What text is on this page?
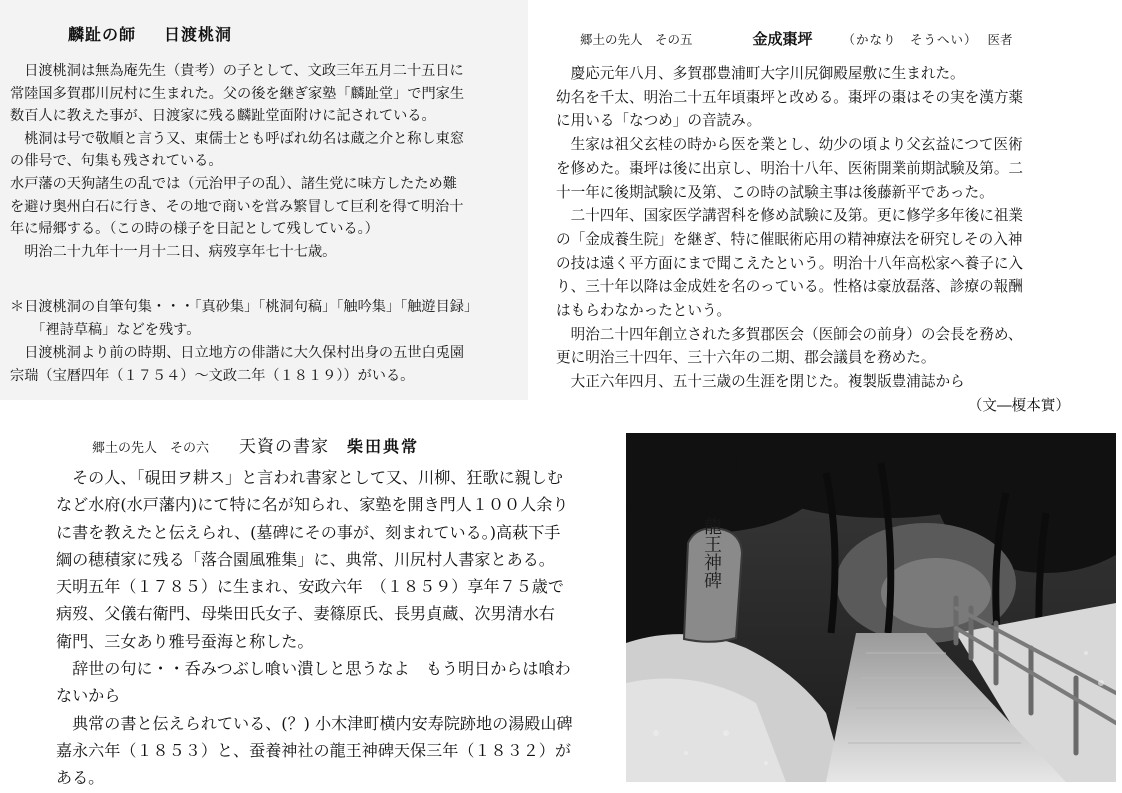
麟趾の師 日渡桃洞

　日渡桃洞は無為庵先生（貴考）の子として、文政三年五月二十五日に

常陸国多賀郡川尻村に生まれた。父の後を継ぎ家塾「麟趾堂」で門家生

数百人に教えた事が、日渡家に残る麟趾堂面附けに記されている。

　桃洞は号で敬順と言う又、東儒士とも呼ばれ幼名は蔵之介と称し東窓

の俳号で、句集も残されている。

水戸藩の天狗諸生の乱では（元治甲子の乱）、諸生党に味方したため難

を避け奥州白石に行き、その地で商いを営み繁冒して巨利を得て明治十

年に帰郷する。（この時の様子を日記として残している。）

　明治二十九年十一月十二日、病歿享年七十七歳。

＊日渡桃洞の自筆句集・・・「真砂集」「桃洞句稿」「触吟集」「触遊目録」

　　「裡詩草稿」などを残す。

　日渡桃洞より前の時期、日立地方の俳諧に大久保村出身の五世白兎園

宗瑞（宝暦四年（１７５４）～文政二年（１８１９））がいる。

郷土の先人　その五	金成棗坪 （かなり　そうへい） 医者

　慶応元年八月、多賀郡豊浦町大字川尻御殿屋敷に生まれた。

幼名を千太、明治二十五年頃棗坪と改める。棗坪の棗はその実を漢方薬

に用いる「なつめ」の音読み。

　生家は祖父玄桂の時から医を業とし、幼少の頃より父玄益につて医術

を修めた。棗坪は後に出京し、明治十八年、医術開業前期試験及第。二

十一年に後期試験に及第、この時の試験主事は後藤新平であった。

　二十四年、国家医学講習科を修め試験に及第。更に修学多年後に祖業

の「金成養生院」を継ぎ、特に催眠術応用の精神療法を研究しその入神

の技は遠く平方面にまで聞こえたという。明治十八年高松家へ養子に入

り、三十年以降は金成姓を名のっている。性格は豪放磊落、診療の報酬

はもらわなかったという。

　明治二十四年創立された多賀郡医会（医師会の前身）の会長を務め、

更に明治三十四年、三十六年の二期、郡会議員を務めた。

　大正六年四月、五十三歳の生涯を閉じた。複製版豊浦誌から

（文―榎本實）

郷土の先人　その六 天資の書家 柴田典常

　その人、「硯田ヲ耕ス」と言われ書家として又、川柳、狂歌に親しむ

など水府(水戸藩内)にて特に名が知られ、家塾を開き門人１００人余り

に書を教えたと伝えられ、(墓碑にその事が、刻まれている。)高萩下手

綱の穂積家に残る「落合園風雅集」に、典常、川尻村人書家とある。

天明五年（１７８５）に生まれ、安政六年　（１８５９）享年７５歳で

病歿、父儀右衛門、母柴田氏女子、妻篠原氏、長男貞蔵、次男清水右

衛門、三女あり雅号蚕海と称した。

　辞世の句に・・呑みつぶし喰い潰しと思うなよ　もう明日からは喰わ

ないから

　典常の書と伝えられている、(？) 小木津町横内安寿院跡地の湯殿山碑

嘉永六年（１８５３）と、蚕養神社の龍王神碑天保三年（１８３２）が

ある。

龍王神碑
